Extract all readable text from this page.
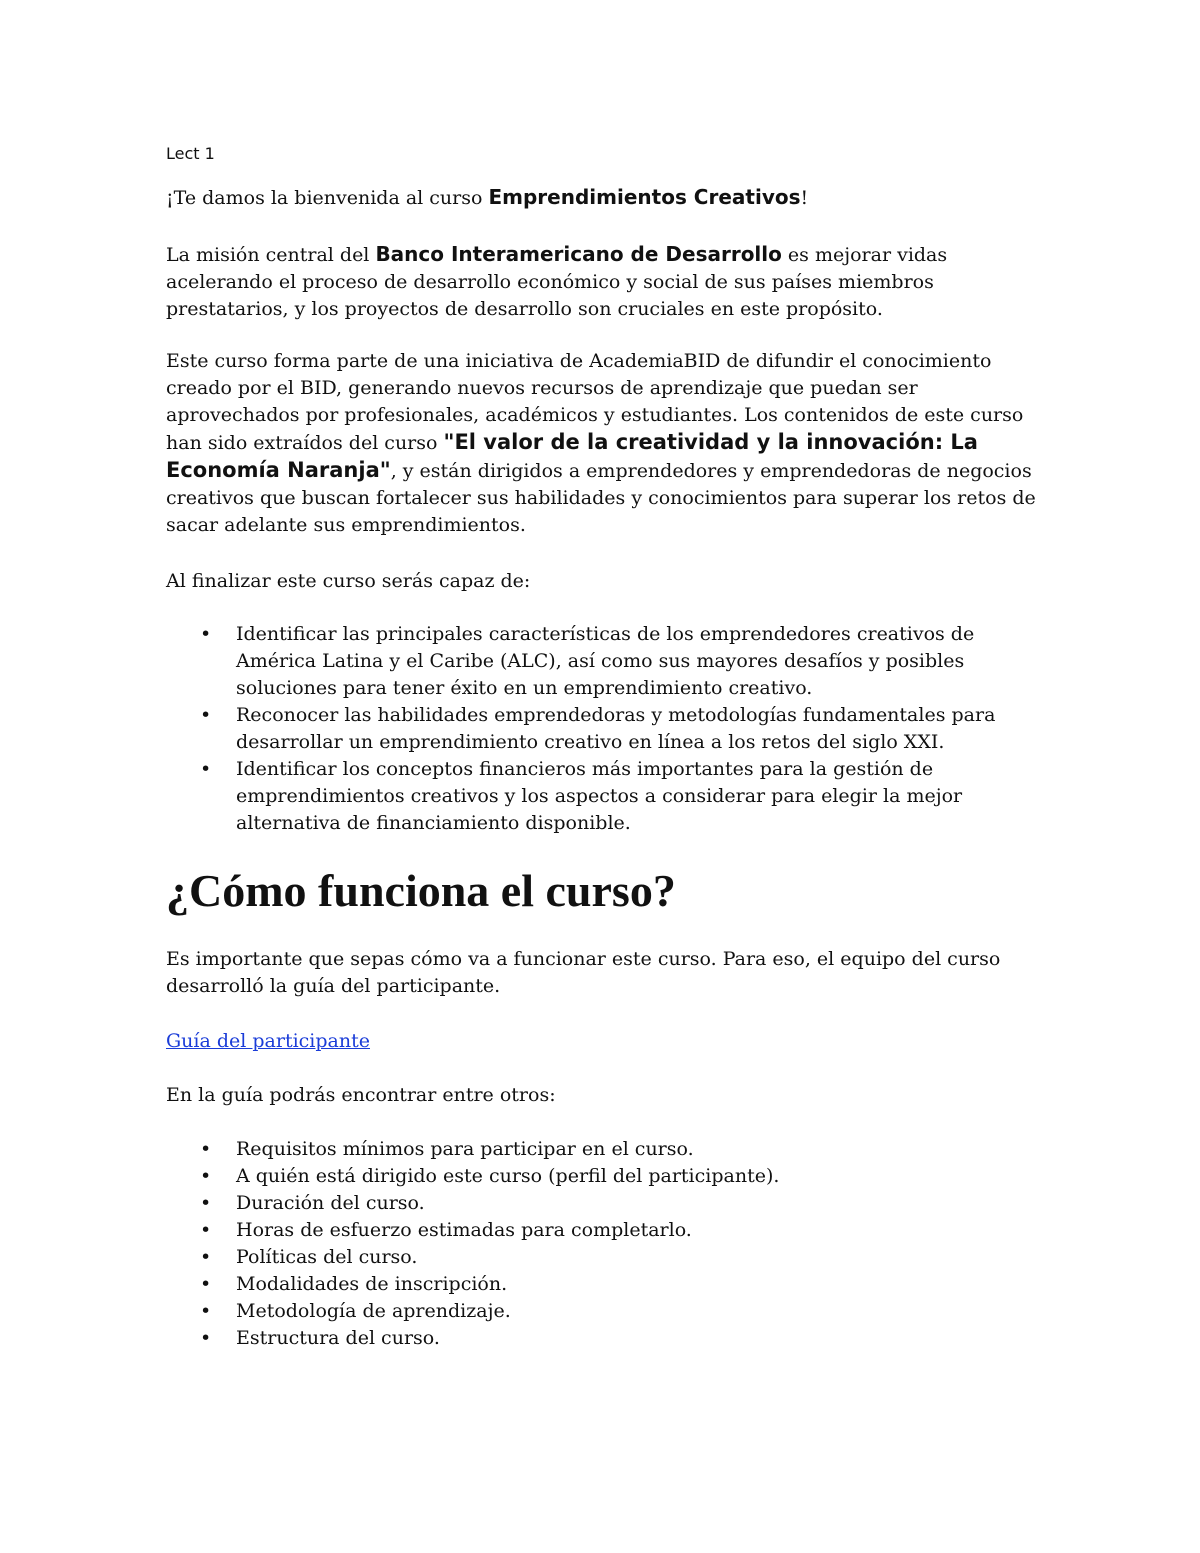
Lect 1

¡Te damos la bienvenida al curso Emprendimientos Creativos!

La misión central del Banco Interamericano de Desarrollo es mejorar vidas acelerando el proceso de desarrollo económico y social de sus países miembros prestatarios, y los proyectos de desarrollo son cruciales en este propósito.

Este curso forma parte de una iniciativa de AcademiaBID de difundir el conocimiento creado por el BID, generando nuevos recursos de aprendizaje que puedan ser aprovechados por profesionales, académicos y estudiantes. Los contenidos de este curso han sido extraídos del curso "El valor de la creatividad y la innovación: La Economía Naranja", y están dirigidos a emprendedores y emprendedoras de negocios creativos que buscan fortalecer sus habilidades y conocimientos para superar los retos de sacar adelante sus emprendimientos.

Al finalizar este curso serás capaz de:

• Identificar las principales características de los emprendedores creativos de América Latina y el Caribe (ALC), así como sus mayores desafíos y posibles soluciones para tener éxito en un emprendimiento creativo.
• Reconocer las habilidades emprendedoras y metodologías fundamentales para desarrollar un emprendimiento creativo en línea a los retos del siglo XXI.
• Identificar los conceptos financieros más importantes para la gestión de emprendimientos creativos y los aspectos a considerar para elegir la mejor alternativa de financiamiento disponible.
¿Cómo funciona el curso?

Es importante que sepas cómo va a funcionar este curso. Para eso, el equipo del curso desarrolló la guía del participante.

Guía del participante

En la guía podrás encontrar entre otros:

• Requisitos mínimos para participar en el curso.
• A quién está dirigido este curso (perfil del participante).
• Duración del curso.
• Horas de esfuerzo estimadas para completarlo.
• Políticas del curso.
• Modalidades de inscripción.
• Metodología de aprendizaje.
• Estructura del curso.
